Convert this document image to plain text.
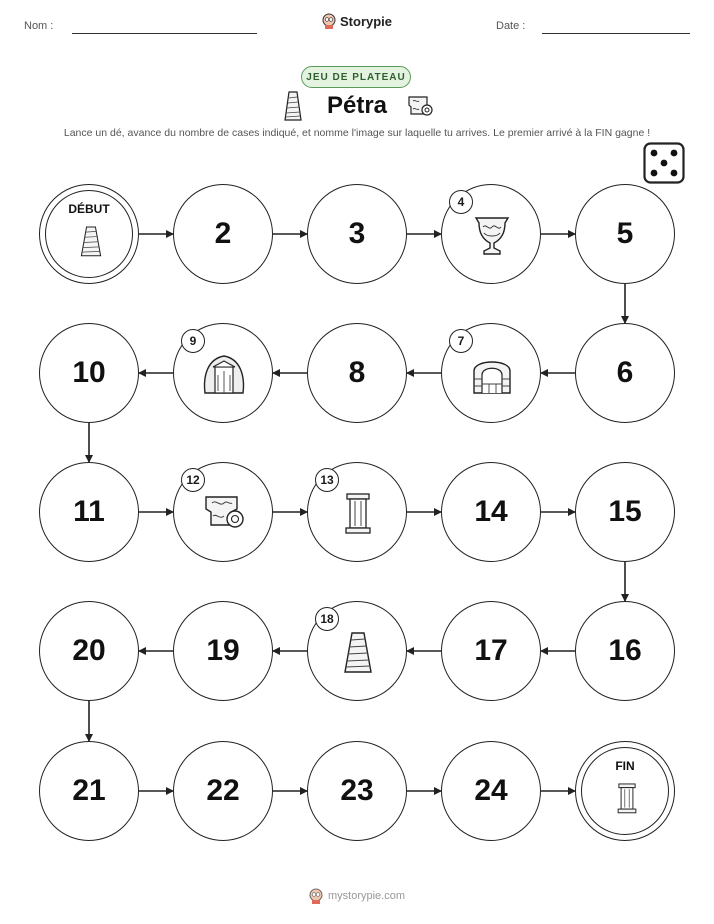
Nom :	Storypie	Date :
JEU DE PLATEAU
Pétra
Lance un dé, avance du nombre de cases indiqué, et nomme l'image sur laquelle tu arrives. Le premier arrivé à la FIN gagne !
DÉBUT
2	3
4
5
6
7
8
9
10
11
12	13
14	15
16
17
18
19
20
21	22	23	24
FIN
mystorypie.com
